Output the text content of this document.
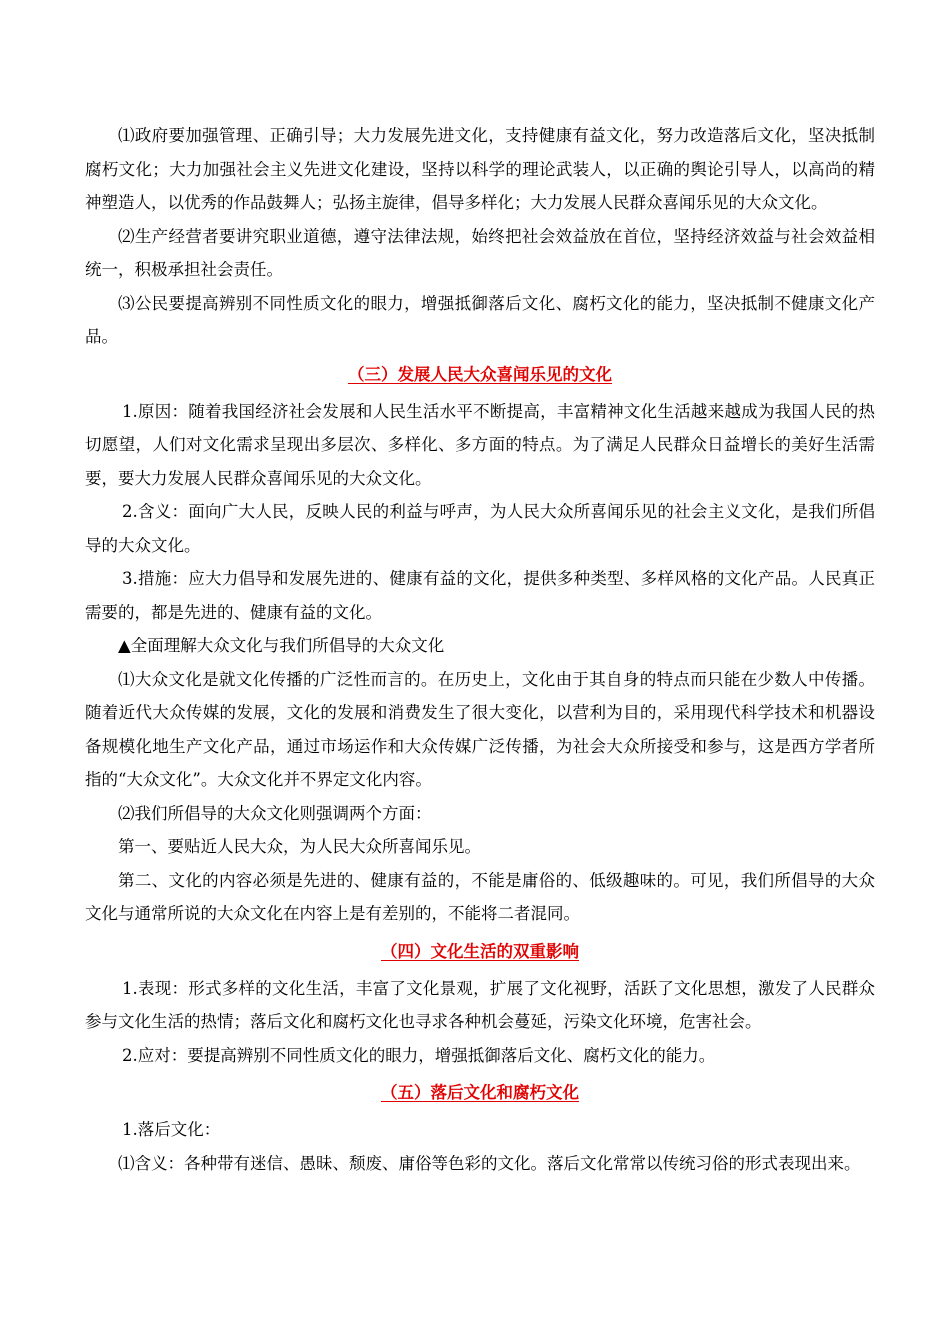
⑴政府要加强管理、正确引导；大力发展先进文化，支持健康有益文化，努力改造落后文化，坚决抵制腐朽文化；大力加强社会主义先进文化建设，坚持以科学的理论武装人，以正确的舆论引导人，以高尚的精神塑造人，以优秀的作品鼓舞人；弘扬主旋律，倡导多样化；大力发展人民群众喜闻乐见的大众文化。

⑵生产经营者要讲究职业道德，遵守法律法规，始终把社会效益放在首位，坚持经济效益与社会效益相统一，积极承担社会责任。

⑶公民要提高辨别不同性质文化的眼力，增强抵御落后文化、腐朽文化的能力，坚决抵制不健康文化产品。

（三）发展人民大众喜闻乐见的文化

1.原因：随着我国经济社会发展和人民生活水平不断提高，丰富精神文化生活越来越成为我国人民的热切愿望，人们对文化需求呈现出多层次、多样化、多方面的特点。为了满足人民群众日益增长的美好生活需要，要大力发展人民群众喜闻乐见的大众文化。

2.含义：面向广大人民，反映人民的利益与呼声，为人民大众所喜闻乐见的社会主义文化，是我们所倡导的大众文化。

3.措施：应大力倡导和发展先进的、健康有益的文化，提供多种类型、多样风格的文化产品。人民真正需要的，都是先进的、健康有益的文化。

▲全面理解大众文化与我们所倡导的大众文化

⑴大众文化是就文化传播的广泛性而言的。在历史上，文化由于其自身的特点而只能在少数人中传播。随着近代大众传媒的发展，文化的发展和消费发生了很大变化，以营利为目的，采用现代科学技术和机器设备规模化地生产文化产品，通过市场运作和大众传媒广泛传播，为社会大众所接受和参与，这是西方学者所指的“大众文化”。大众文化并不界定文化内容。

⑵我们所倡导的大众文化则强调两个方面：

第一、要贴近人民大众，为人民大众所喜闻乐见。

第二、文化的内容必须是先进的、健康有益的，不能是庸俗的、低级趣味的。可见，我们所倡导的大众文化与通常所说的大众文化在内容上是有差别的，不能将二者混同。

（四）文化生活的双重影响

1.表现：形式多样的文化生活，丰富了文化景观，扩展了文化视野，活跃了文化思想，激发了人民群众参与文化生活的热情；落后文化和腐朽文化也寻求各种机会蔓延，污染文化环境，危害社会。

2.应对：要提高辨别不同性质文化的眼力，增强抵御落后文化、腐朽文化的能力。

（五）落后文化和腐朽文化

1.落后文化：

⑴含义：各种带有迷信、愚昧、颓废、庸俗等色彩的文化。落后文化常常以传统习俗的形式表现出来。
